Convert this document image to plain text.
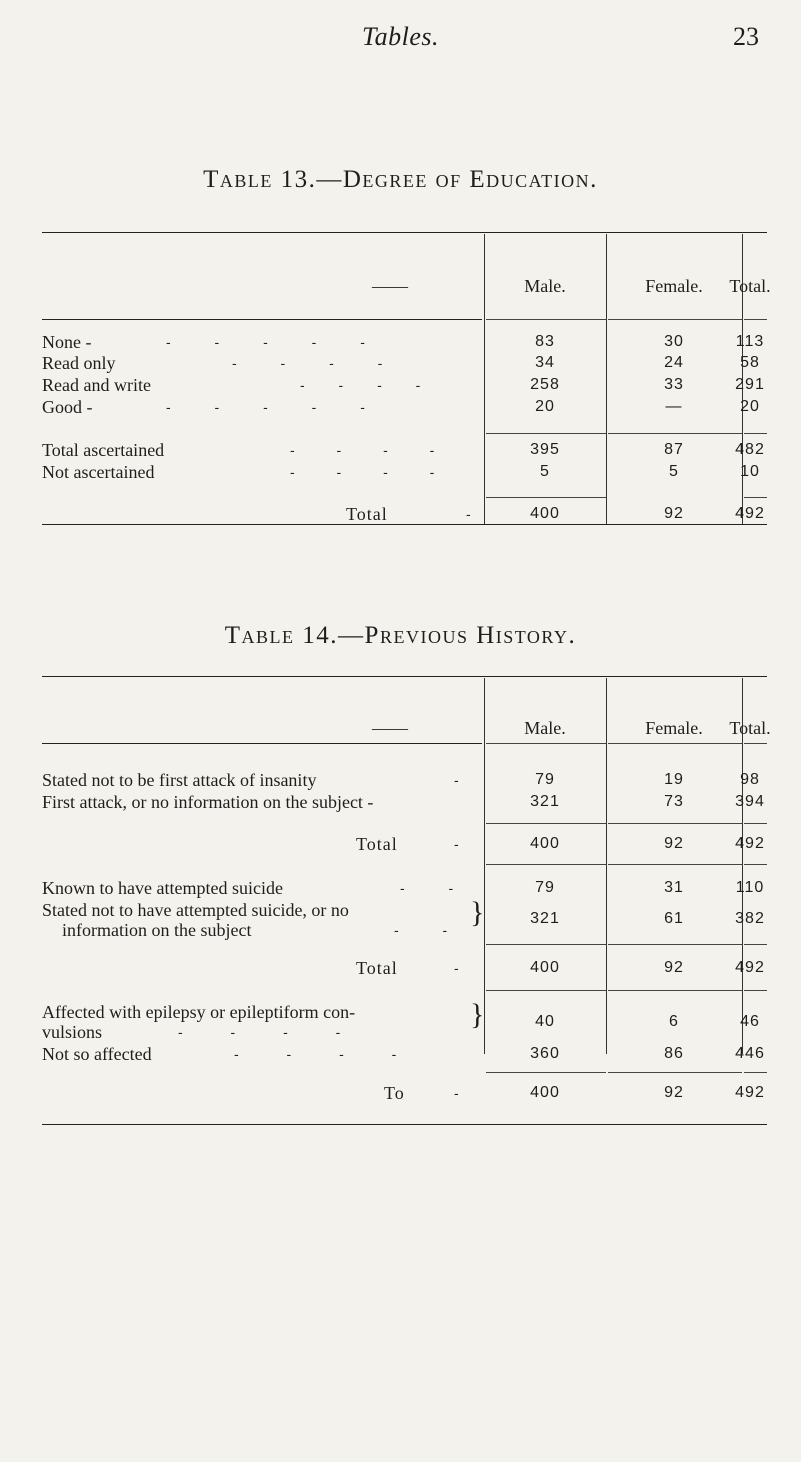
Tables.	23
Table 13.—Degree of Education.
——	Male.	Female.	Total.
None -	- - - - -	83	30	113
Read only	- - - -	34	24	58
Read and write	- - - -	258	33	291
Good -	- - - - -	20	—	20
Total ascertained	- - - -	395	87	482
Not ascertained	- - - -	5	5	10
Total	-	400	92	492
Table 14.—Previous History.
——	Male.	Female.	Total.
Stated not to be first attack of insanity	-	79	19	98
First attack, or no information on the subject -	321	73	394
Total	-	400	92	492
Known to have attempted suicide	- -	79	31	110
Stated not to have attempted suicide, or no
information on the subject	- -
}	321	61	382
Total	-	400	92	492
Affected with epilepsy or epileptiform con-
vulsions	- - - -
}	40	6	46
Not so affected	- - - -	360	86	446
To	-	400	92	492
